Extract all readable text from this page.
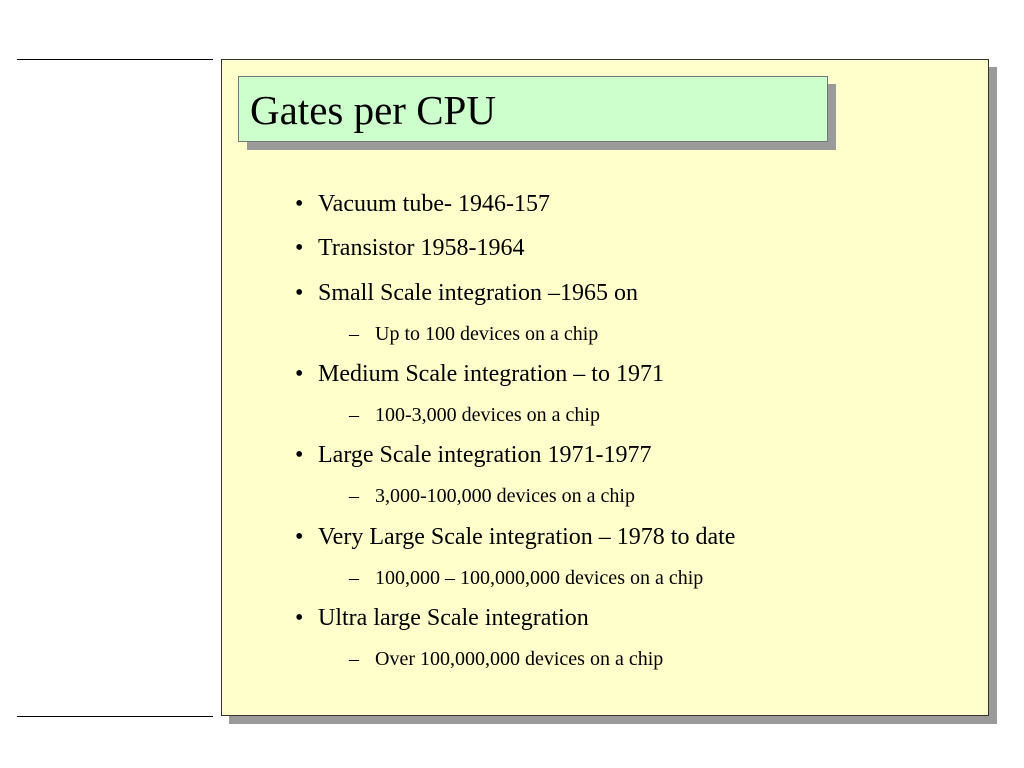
Gates per CPU
• Vacuum tube- 1946-157
• Transistor 1958-1964
• Small Scale integration –1965 on
– Up to 100 devices on a chip
• Medium Scale integration – to 1971
– 100-3,000 devices on a chip
• Large Scale integration 1971-1977
– 3,000-100,000 devices on a chip
• Very Large Scale integration – 1978 to date
– 100,000 – 100,000,000 devices on a chip
• Ultra large Scale integration
– Over 100,000,000 devices on a chip
